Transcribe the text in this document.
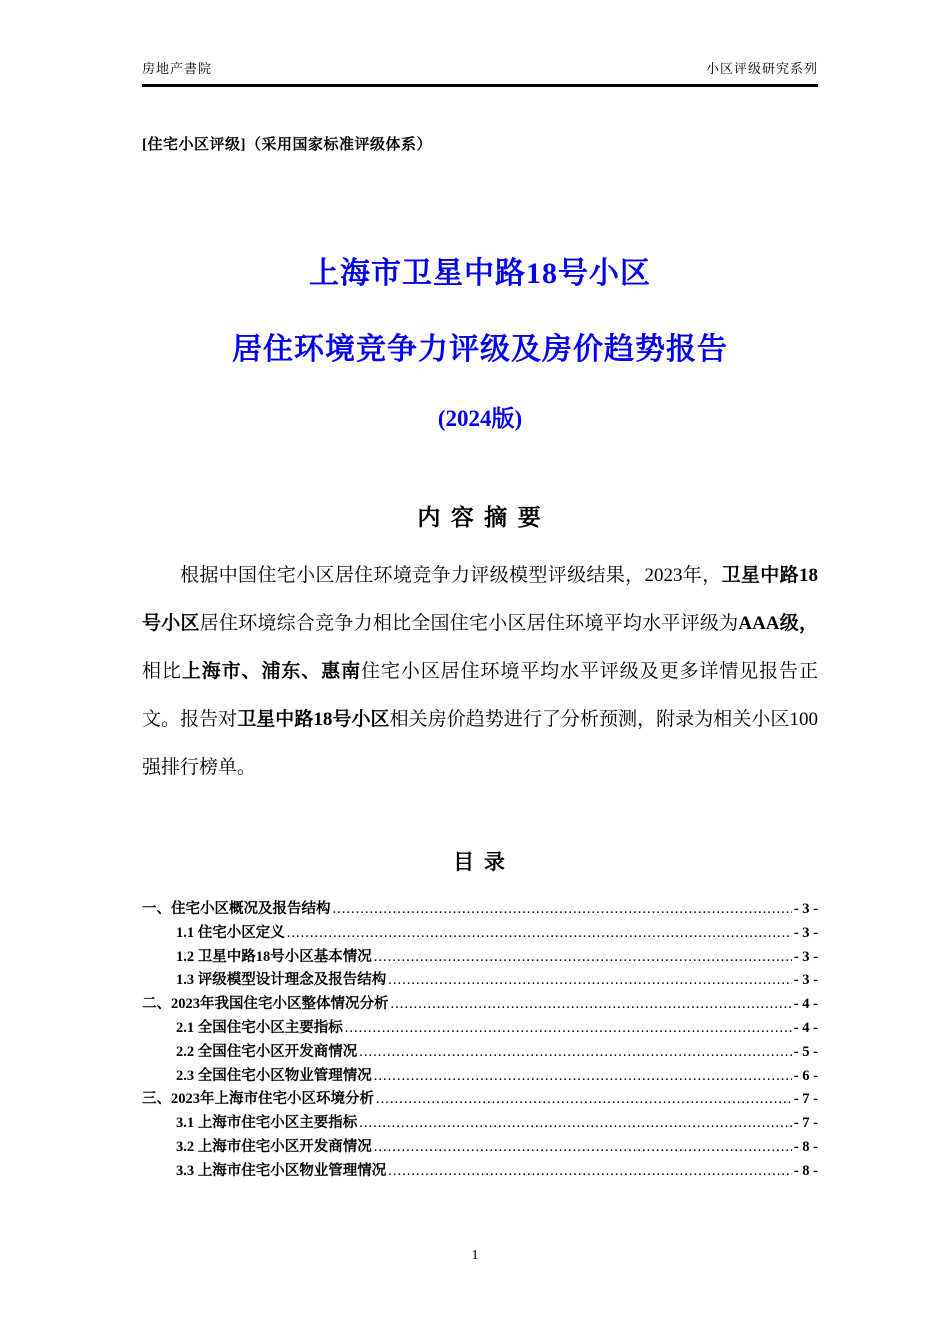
房地产書院	小区评级研究系列
[住宅小区评级]（采用国家标准评级体系）
上海市卫星中路18号小区
居住环境竞争力评级及房价趋势报告
(2024版)
内 容 摘 要

根据中国住宅小区居住环境竞争力评级模型评级结果，2023年，卫星中路18号小区居住环境综合竞争力相比全国住宅小区居住环境平均水平评级为AAA级，相比上海市、浦东、惠南住宅小区居住环境平均水平评级及更多详情见报告正文。报告对卫星中路18号小区相关房价趋势进行了分析预测，附录为相关小区100强排行榜单。

目 录
一、住宅小区概况及报告结构 .....	- 3 -
1.1 住宅小区定义 .....	- 3 -
1.2 卫星中路18号小区基本情况 .....	- 3 -
1.3 评级模型设计理念及报告结构 .....	- 3 -
二、2023年我国住宅小区整体情况分析 .....	- 4 -
2.1 全国住宅小区主要指标 .....	- 4 -
2.2 全国住宅小区开发商情况 .....	- 5 -
2.3 全国住宅小区物业管理情况 .....	- 6 -
三、2023年上海市住宅小区环境分析 .....	- 7 -
3.1 上海市住宅小区主要指标 .....	- 7 -
3.2 上海市住宅小区开发商情况 .....	- 8 -
3.3 上海市住宅小区物业管理情况 .....	- 8 -
1
